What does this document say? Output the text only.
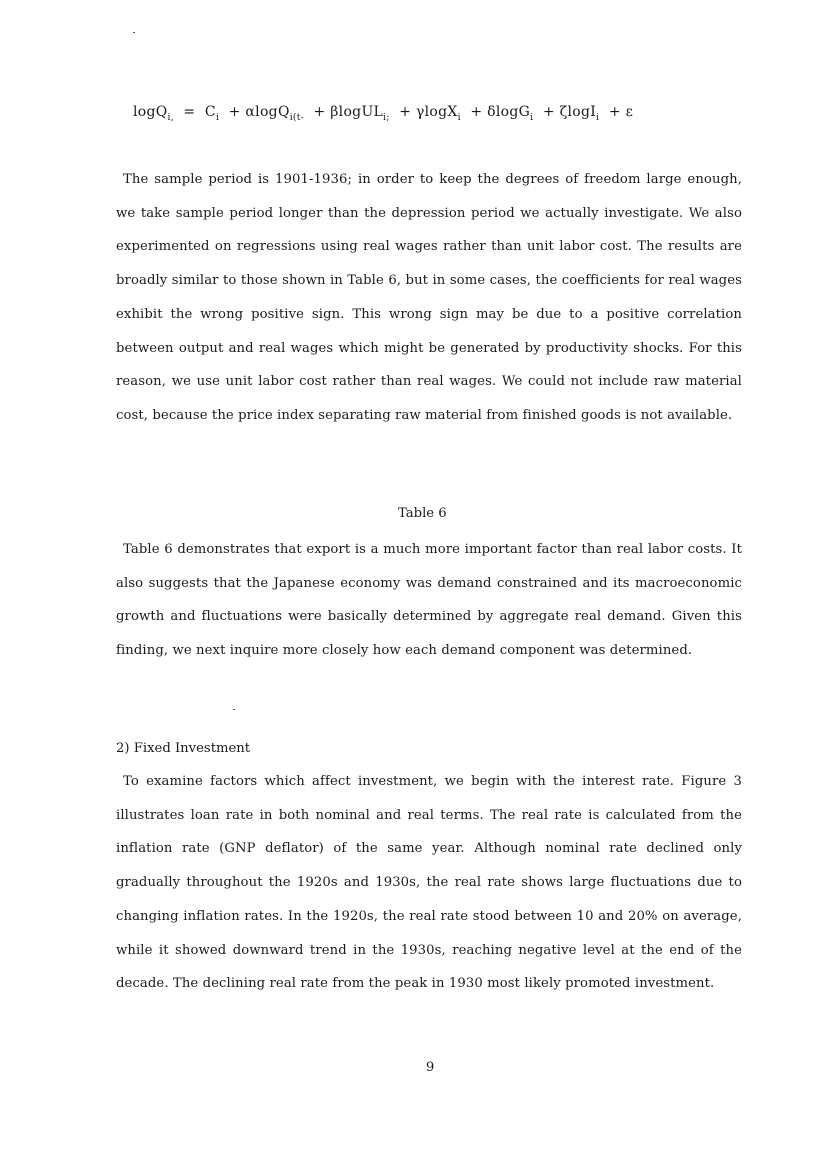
$\log Q_{i,} = C_i + \alpha\log Q_{i(t-}$ + βlogUL$_{i;}$ + γlogX$_i$ + δlogG$_i$ + ζlogI$_i$ + ε
The sample period is 1901-1936; in order to keep the degrees of freedom large enough, we take sample period longer than the depression period we actually investigate. We also experimented on regressions using real wages rather than unit labor cost. The results are broadly similar to those shown in Table 6, but in some cases, the coefficients for real wages exhibit the wrong positive sign. This wrong sign may be due to a positive correlation between output and real wages which might be generated by productivity shocks. For this reason, we use unit labor cost rather than real wages. We could not include raw material cost, because the price index separating raw material from finished goods is not available.
Table 6
Table 6 demonstrates that export is a much more important factor than real labor costs. It also suggests that the Japanese economy was demand constrained and its macroeconomic growth and fluctuations were basically determined by aggregate real demand. Given this finding, we next inquire more closely how each demand component was determined.
2) Fixed Investment
To examine factors which affect investment, we begin with the interest rate. Figure 3 illustrates loan rate in both nominal and real terms. The real rate is calculated from the inflation rate (GNP deflator) of the same year. Although nominal rate declined only gradually throughout the 1920s and 1930s, the real rate shows large fluctuations due to changing inflation rates. In the 1920s, the real rate stood between 10 and 20% on average, while it showed downward trend in the 1930s, reaching negative level at the end of the decade. The declining real rate from the peak in 1930 most likely promoted investment.
9
